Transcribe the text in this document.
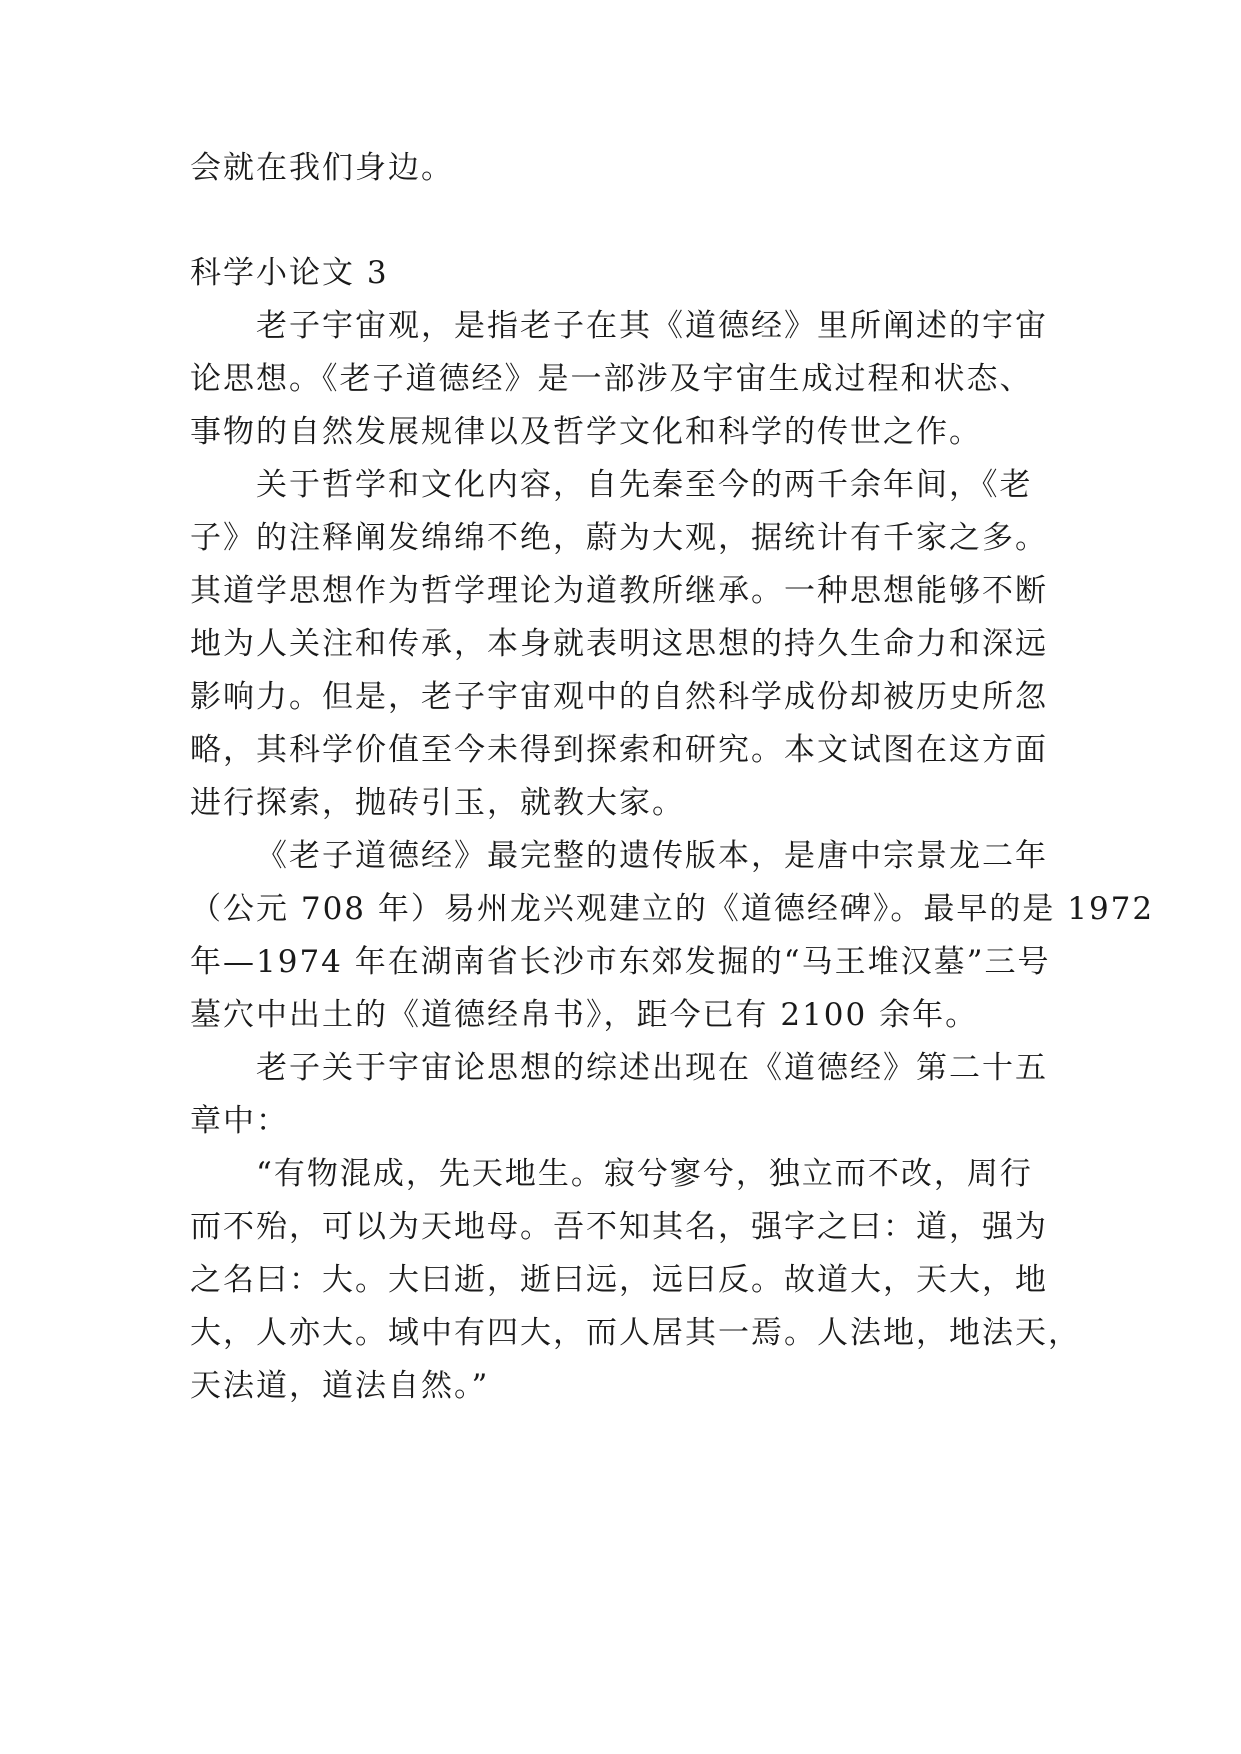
会就在我们身边。
科学小论文 3
老子宇宙观，是指老子在其《道德经》里所阐述的宇宙
论思想。《老子道德经》是一部涉及宇宙生成过程和状态、
事物的自然发展规律以及哲学文化和科学的传世之作。
关于哲学和文化内容，自先秦至今的两千余年间，《老
子》的注释阐发绵绵不绝，蔚为大观，据统计有千家之多。
其道学思想作为哲学理论为道教所继承。一种思想能够不断
地为人关注和传承，本身就表明这思想的持久生命力和深远
影响力。但是，老子宇宙观中的自然科学成份却被历史所忽
略，其科学价值至今未得到探索和研究。本文试图在这方面
进行探索，抛砖引玉，就教大家。
《老子道德经》最完整的遗传版本，是唐中宗景龙二年
（公元 708 年）易州龙兴观建立的《道德经碑》。最早的是 1972
年—1974 年在湖南省长沙市东郊发掘的“马王堆汉墓”三号
墓穴中出土的《道德经帛书》，距今已有 2100 余年。
老子关于宇宙论思想的综述出现在《道德经》第二十五
章中：
“有物混成，先天地生。寂兮寥兮，独立而不改，周行
而不殆，可以为天地母。吾不知其名，强字之曰：道，强为
之名曰：大。大曰逝，逝曰远，远曰反。故道大，天大，地
大，人亦大。域中有四大，而人居其一焉。人法地，地法天，
天法道，道法自然。”
